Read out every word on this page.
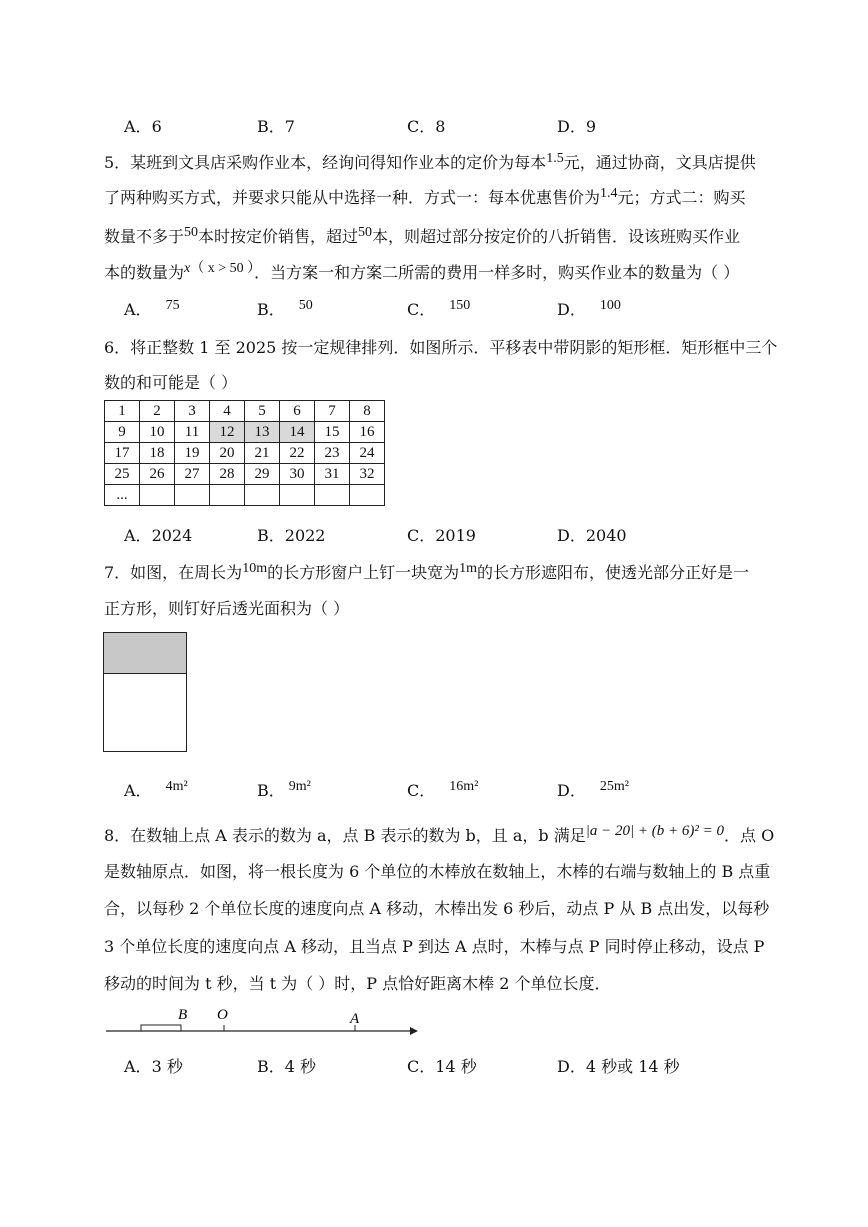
A．6	B．7	C．8	D．9
5．某班到文具店采购作业本，经询问得知作业本的定价为每本1.5元，通过协商，文具店提供
了两种购买方式，并要求只能从中选择一种．方式一：每本优惠售价为1.4元；方式二：购买
数量不多于50本时按定价销售，超过50本，则超过部分按定价的八折销售．设该班购买作业
本的数量为x（ x > 50 ）．当方案一和方案二所需的费用一样多时，购买作业本的数量为（ ）
A． 75	B． 50	C． 150	D． 100
6．将正整数 1 至 2025 按一定规律排列．如图所示．平移表中带阴影的矩形框．矩形框中三个
数的和可能是（ ）
1	2	3	4	5	6	7	8
9	10	11	12	13	14	15	16
17	18	19	20	21	22	23	24
25	26	27	28	29	30	31	32
...							
A．2024	B．2022	C．2019	D．2040
7．如图，在周长为10m的长方形窗户上钉一块宽为1m的长方形遮阳布，使透光部分正好是一
正方形，则钉好后透光面积为（ ）
A． 4m²	B． 9m²	C． 16m²	D． 25m²
8．在数轴上点 A 表示的数为 a，点 B 表示的数为 b，且 a，b 满足|a − 20| + (b + 6)² = 0．点 O
是数轴原点．如图，将一根长度为 6 个单位的木棒放在数轴上，木棒的右端与数轴上的 B 点重
合，以每秒 2 个单位长度的速度向点 A 移动，木棒出发 6 秒后，动点 P 从 B 点出发，以每秒
3 个单位长度的速度向点 A 移动，且当点 P 到达 A 点时，木棒与点 P 同时停止移动，设点 P
移动的时间为 t 秒，当 t 为（ ）时，P 点恰好距离木棒 2 个单位长度．
B O	A
A．3 秒	B．4 秒	C．14 秒	D．4 秒或 14 秒
